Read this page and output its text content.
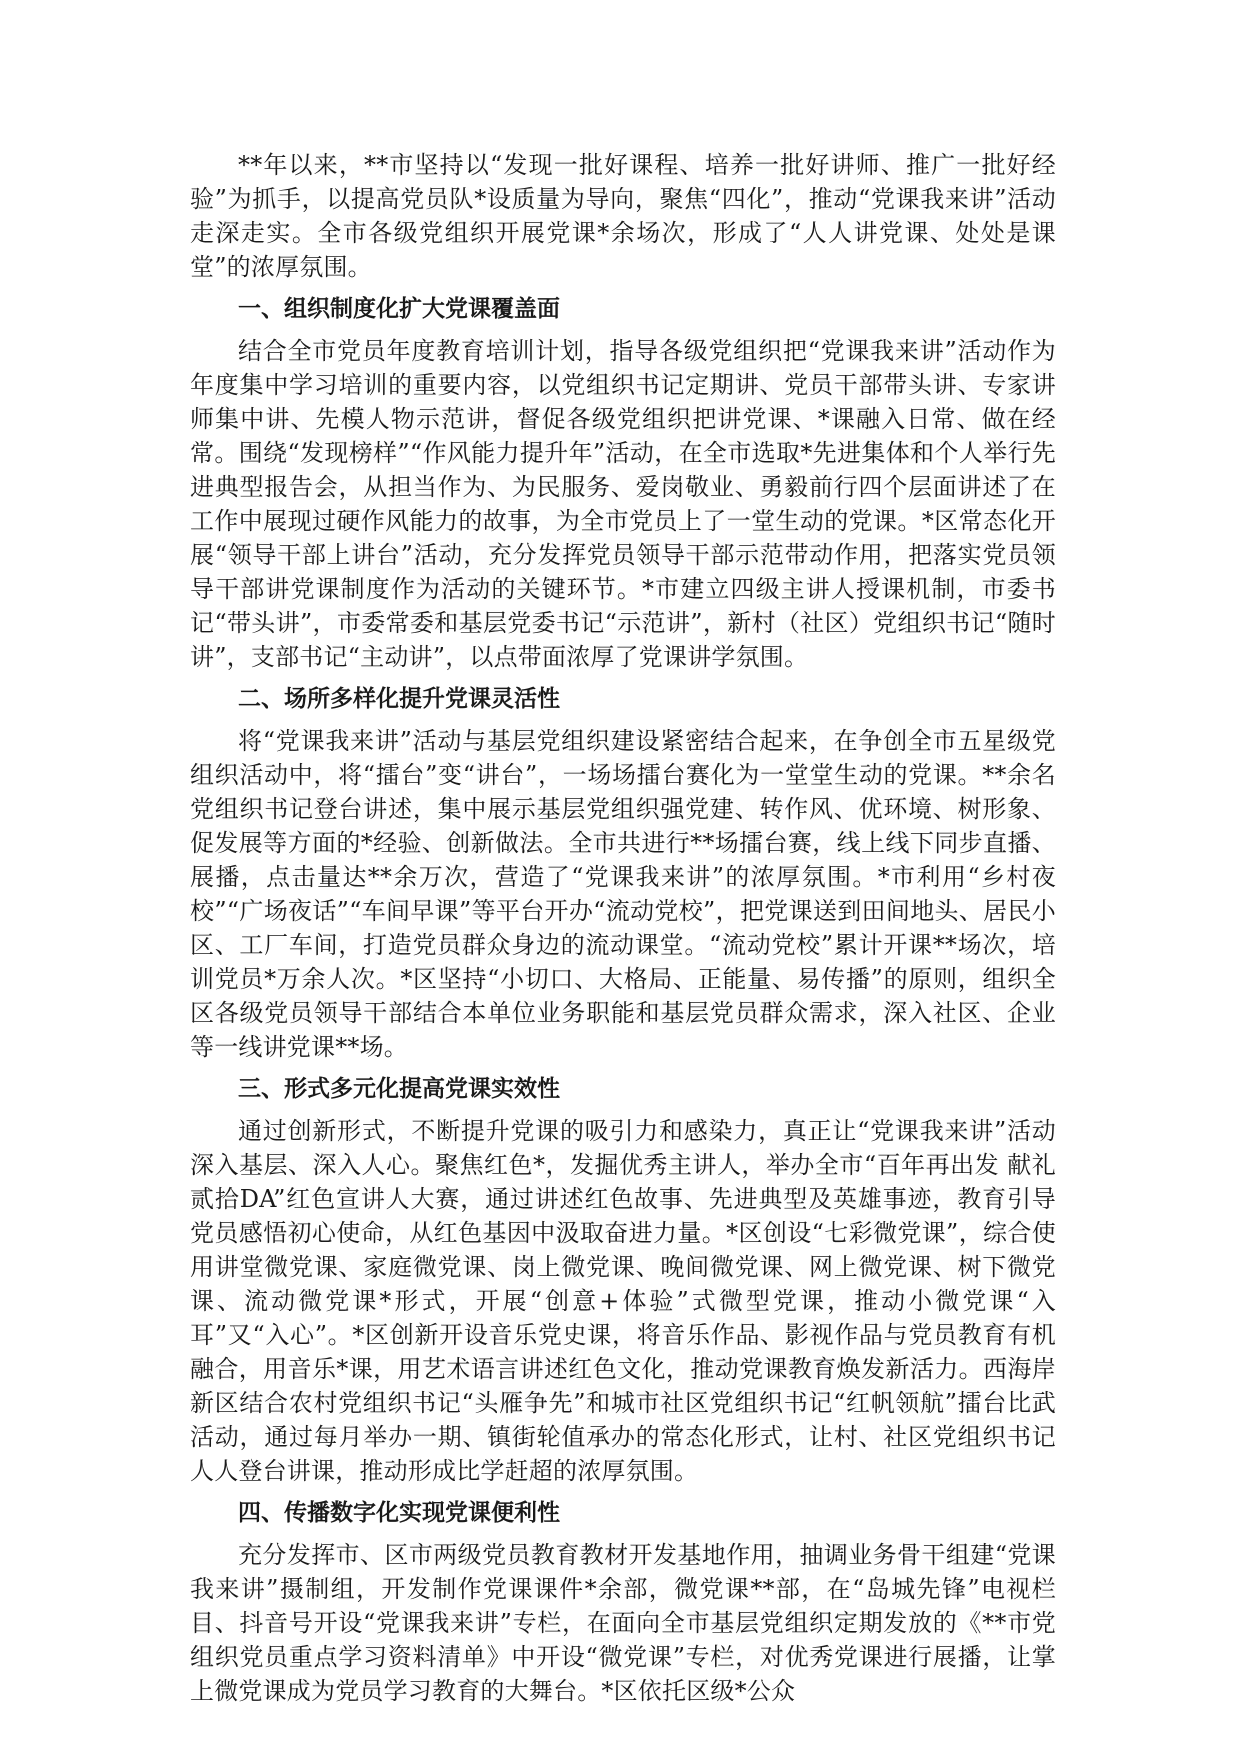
**年以来，**市坚持以“发现一批好课程、培养一批好讲师、推广一批好经验”为抓手，以提高党员队*设质量为导向，聚焦“四化”，推动“党课我来讲”活动走深走实。全市各级党组织开展党课*余场次，形成了“人人讲党课、处处是课堂”的浓厚氛围。

一、组织制度化扩大党课覆盖面

结合全市党员年度教育培训计划，指导各级党组织把“党课我来讲”活动作为年度集中学习培训的重要内容，以党组织书记定期讲、党员干部带头讲、专家讲师集中讲、先模人物示范讲，督促各级党组织把讲党课、*课融入日常、做在经常。围绕“发现榜样”“作风能力提升年”活动，在全市选取*先进集体和个人举行先进典型报告会，从担当作为、为民服务、爱岗敬业、勇毅前行四个层面讲述了在工作中展现过硬作风能力的故事，为全市党员上了一堂生动的党课。*区常态化开展“领导干部上讲台”活动，充分发挥党员领导干部示范带动作用，把落实党员领导干部讲党课制度作为活动的关键环节。*市建立四级主讲人授课机制，市委书记“带头讲”，市委常委和基层党委书记“示范讲”，新村（社区）党组织书记“随时讲”，支部书记“主动讲”，以点带面浓厚了党课讲学氛围。

二、场所多样化提升党课灵活性

将“党课我来讲”活动与基层党组织建设紧密结合起来，在争创全市五星级党组织活动中，将“擂台”变“讲台”，一场场擂台赛化为一堂堂生动的党课。**余名党组织书记登台讲述，集中展示基层党组织强党建、转作风、优环境、树形象、促发展等方面的*经验、创新做法。全市共进行**场擂台赛，线上线下同步直播、展播，点击量达**余万次，营造了“党课我来讲”的浓厚氛围。*市利用“乡村夜校”“广场夜话”“车间早课”等平台开办“流动党校”，把党课送到田间地头、居民小区、工厂车间，打造党员群众身边的流动课堂。“流动党校”累计开课**场次，培训党员*万余人次。*区坚持“小切口、大格局、正能量、易传播”的原则，组织全区各级党员领导干部结合本单位业务职能和基层党员群众需求，深入社区、企业等一线讲党课**场。

三、形式多元化提高党课实效性

通过创新形式，不断提升党课的吸引力和感染力，真正让“党课我来讲”活动深入基层、深入人心。聚焦红色*，发掘优秀主讲人，举办全市“百年再出发 献礼贰拾DA”红色宣讲人大赛，通过讲述红色故事、先进典型及英雄事迹，教育引导党员感悟初心使命，从红色基因中汲取奋进力量。*区创设“七彩微党课”，综合使用讲堂微党课、家庭微党课、岗上微党课、晚间微党课、网上微党课、树下微党课、流动微党课*形式，开展“创意+体验”式微型党课，推动小微党课“入耳”又“入心”。*区创新开设音乐党史课，将音乐作品、影视作品与党员教育有机融合，用音乐*课，用艺术语言讲述红色文化，推动党课教育焕发新活力。西海岸新区结合农村党组织书记“头雁争先”和城市社区党组织书记“红帆领航”擂台比武活动，通过每月举办一期、镇街轮值承办的常态化形式，让村、社区党组织书记人人登台讲课，推动形成比学赶超的浓厚氛围。

四、传播数字化实现党课便利性

充分发挥市、区市两级党员教育教材开发基地作用，抽调业务骨干组建“党课我来讲”摄制组，开发制作党课课件*余部，微党课**部，在“岛城先锋”电视栏目、抖音号开设“党课我来讲”专栏，在面向全市基层党组织定期发放的《**市党组织党员重点学习资料清单》中开设“微党课”专栏，对优秀党课进行展播，让掌上微党课成为党员学习教育的大舞台。*区依托区级*公众
